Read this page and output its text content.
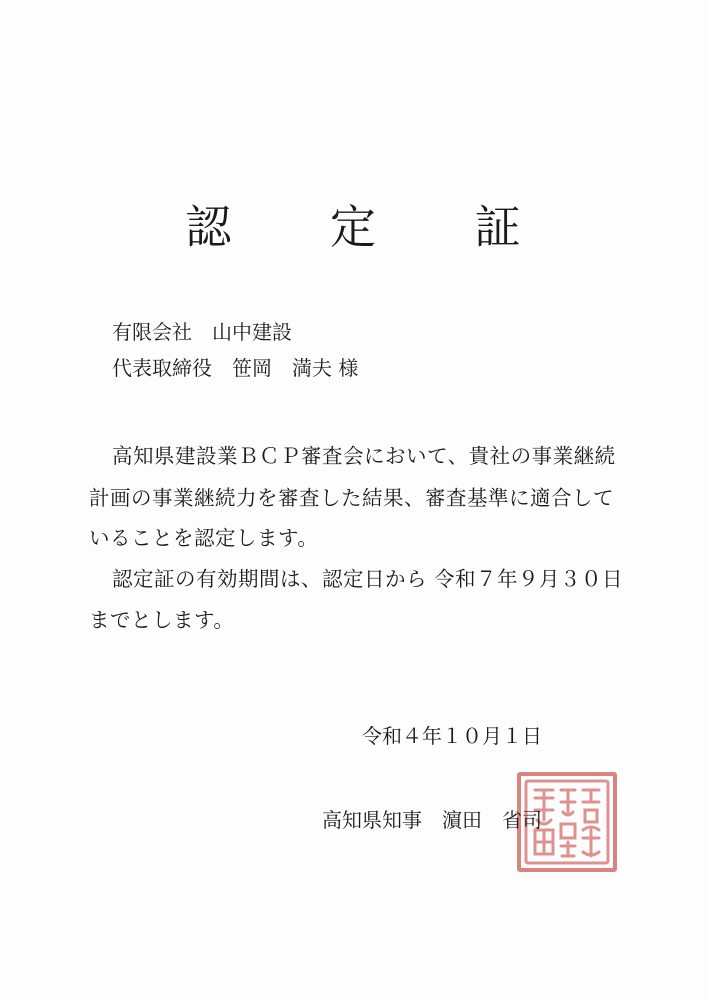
認 定 証
有限会社　山中建設
代表取締役　笹岡　満夫 様
高知県建設業ＢＣＰ審査会において、貴社の事業継続
計画の事業継続力を審査した結果、審査基準に適合して
いることを認定します。
認定証の有効期間は、認定日から 令和７年９月３０日
までとします。
令和４年１０月１日
高知県知事　濵田　省司
